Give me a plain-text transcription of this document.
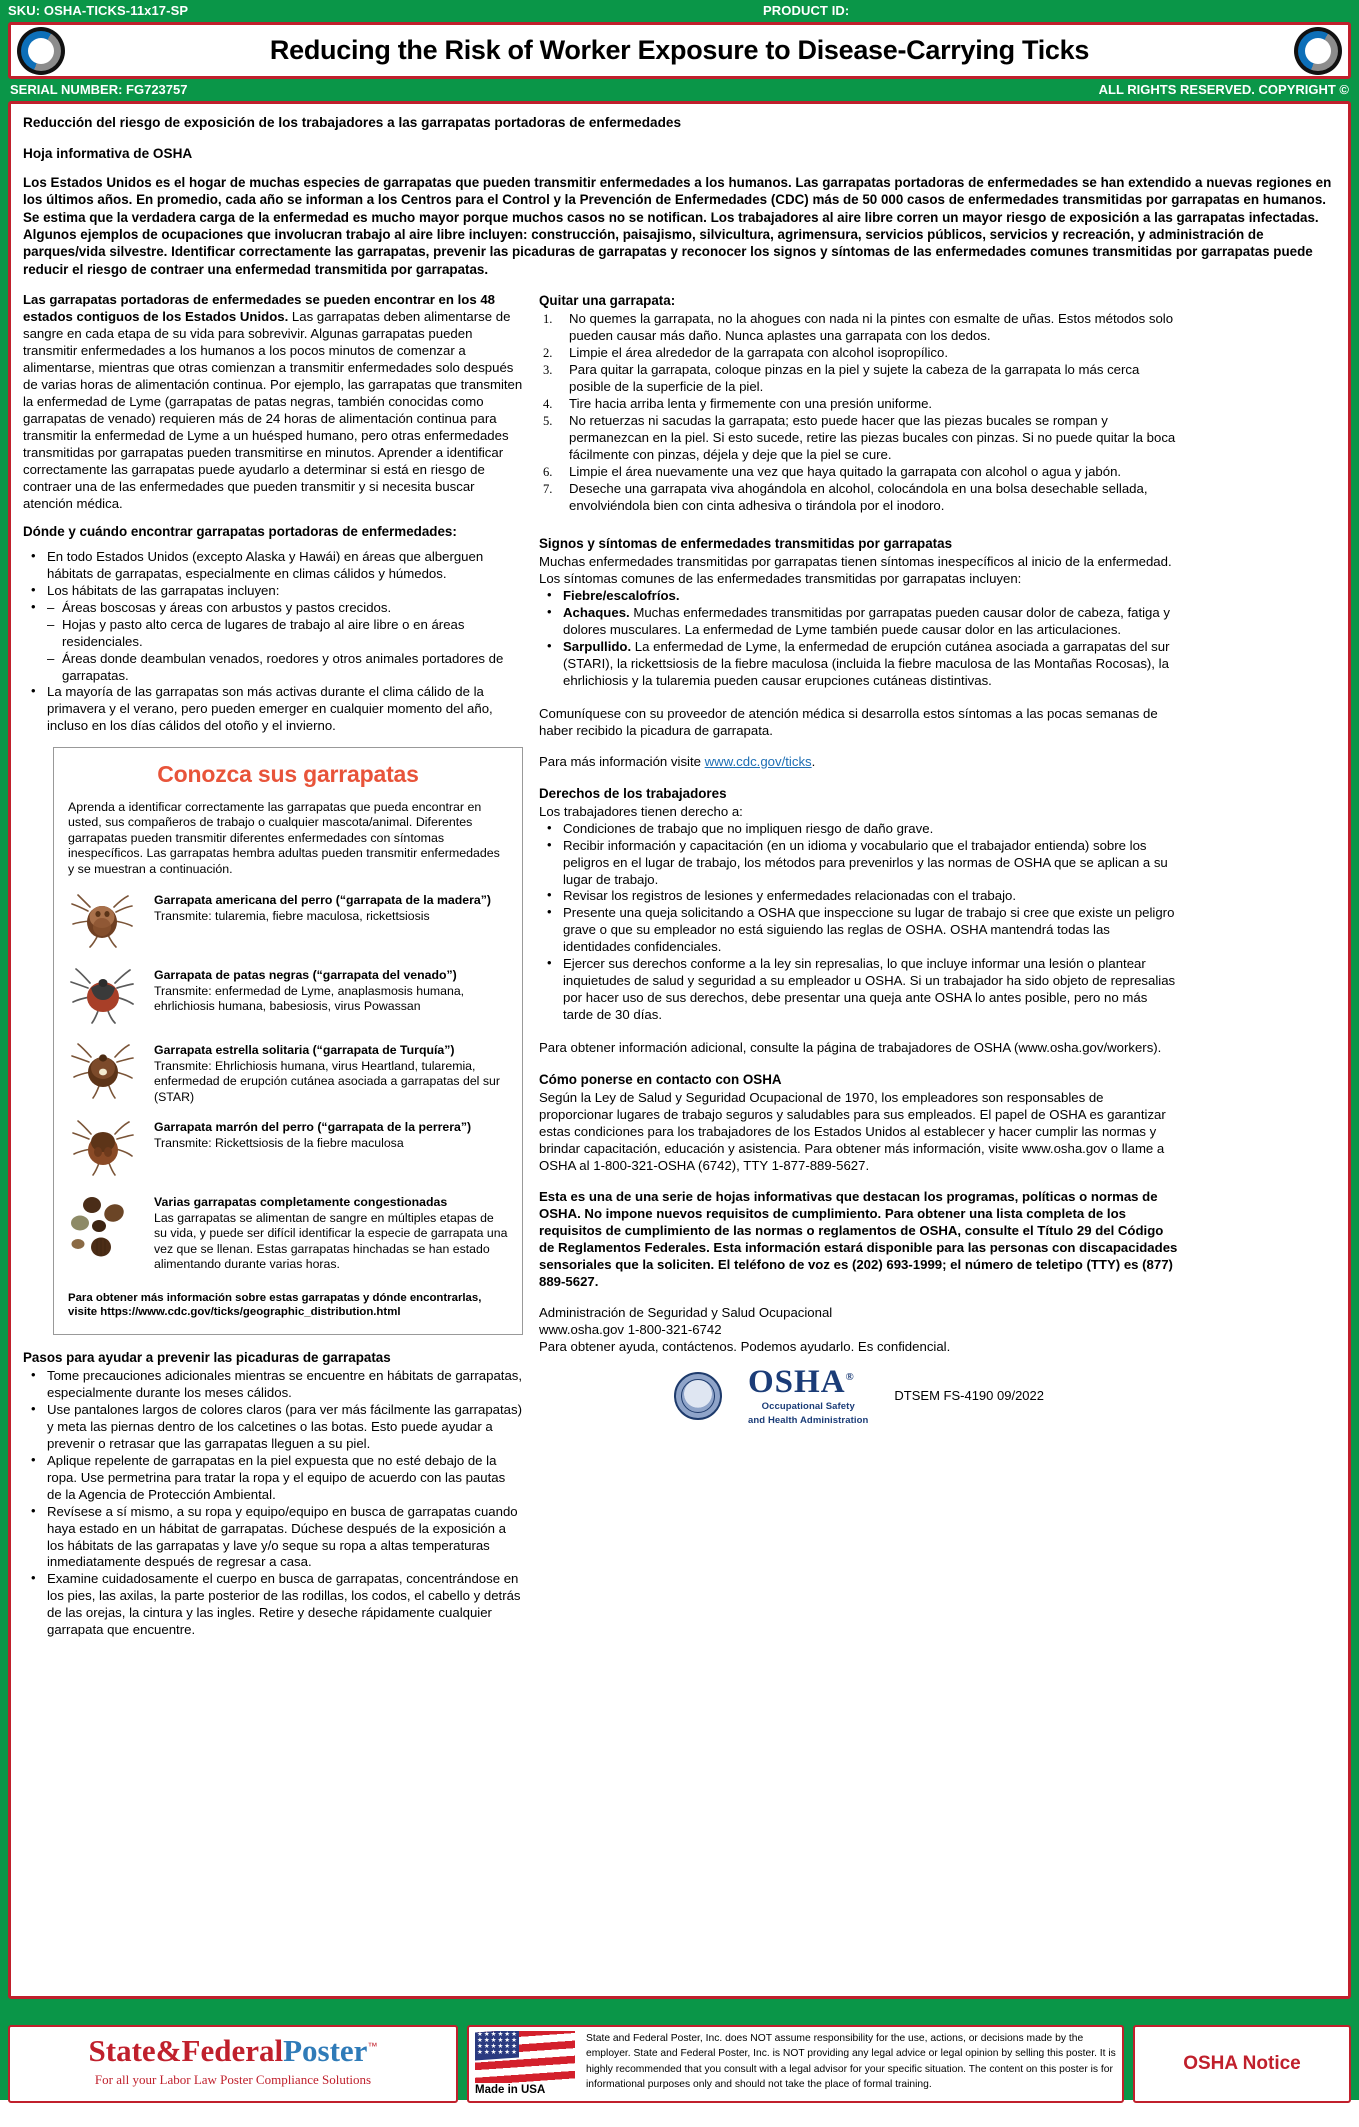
SKU: OSHA-TICKS-11x17-SP	PRODUCT ID:
Reducing the Risk of Worker Exposure to Disease-Carrying Ticks
SERIAL NUMBER: FG723757	ALL RIGHTS RESERVED. COPYRIGHT ©
Reducción del riesgo de exposición de los trabajadores a las garrapatas portadoras de enfermedades
Hoja informativa de OSHA
Los Estados Unidos es el hogar de muchas especies de garrapatas que pueden transmitir enfermedades a los humanos. Las garrapatas portadoras de enfermedades se han extendido a nuevas regiones en los últimos años. En promedio, cada año se informan a los Centros para el Control y la Prevención de Enfermedades (CDC) más de 50 000 casos de enfermedades transmitidas por garrapatas en humanos. Se estima que la verdadera carga de la enfermedad es mucho mayor porque muchos casos no se notifican. Los trabajadores al aire libre corren un mayor riesgo de exposición a las garrapatas infectadas. Algunos ejemplos de ocupaciones que involucran trabajo al aire libre incluyen: construcción, paisajismo, silvicultura, agrimensura, servicios públicos, servicios y recreación, y administración de parques/vida silvestre. Identificar correctamente las garrapatas, prevenir las picaduras de garrapatas y reconocer los signos y síntomas de las enfermedades comunes transmitidas por garrapatas puede reducir el riesgo de contraer una enfermedad transmitida por garrapatas.

Las garrapatas portadoras de enfermedades se pueden encontrar en los 48 estados contiguos de los Estados Unidos. Las garrapatas deben alimentarse de sangre en cada etapa de su vida para sobrevivir. Algunas garrapatas pueden transmitir enfermedades a los humanos a los pocos minutos de comenzar a alimentarse, mientras que otras comienzan a transmitir enfermedades solo después de varias horas de alimentación continua. Por ejemplo, las garrapatas que transmiten la enfermedad de Lyme (garrapatas de patas negras, también conocidas como garrapatas de venado) requieren más de 24 horas de alimentación continua para transmitir la enfermedad de Lyme a un huésped humano, pero otras enfermedades transmitidas por garrapatas pueden transmitirse en minutos. Aprender a identificar correctamente las garrapatas puede ayudarlo a determinar si está en riesgo de contraer una de las enfermedades que pueden transmitir y si necesita buscar atención médica.

Dónde y cuándo encontrar garrapatas portadoras de enfermedades:
• En todo Estados Unidos (excepto Alaska y Hawái) en áreas que alberguen hábitats de garrapatas, especialmente en climas cálidos y húmedos.
• Los hábitats de las garrapatas incluyen:
– • Áreas boscosas y áreas con arbustos y pastos crecidos.
– Hojas y pasto alto cerca de lugares de trabajo al aire libre o en áreas residenciales.
– Áreas donde deambulan venados, roedores y otros animales portadores de garrapatas.
• La mayoría de las garrapatas son más activas durante el clima cálido de la primavera y el verano, pero pueden emerger en cualquier momento del año, incluso en los días cálidos del otoño y el invierno.
Conozca sus garrapatas
Aprenda a identificar correctamente las garrapatas que pueda encontrar en usted, sus compañeros de trabajo o cualquier mascota/animal. Diferentes garrapatas pueden transmitir diferentes enfermedades con síntomas inespecíficos. Las garrapatas hembra adultas pueden transmitir enfermedades y se muestran a continuación.
Garrapata americana del perro (“garrapata de la madera”)
Transmite: tularemia, fiebre maculosa, rickettsiosis
Garrapata de patas negras (“garrapata del venado”)
Transmite: enfermedad de Lyme, anaplasmosis humana, ehrlichiosis humana, babesiosis, virus Powassan
Garrapata estrella solitaria (“garrapata de Turquía”)
Transmite: Ehrlichiosis humana, virus Heartland, tularemia, enfermedad de erupción cutánea asociada a garrapatas del sur (STAR)
Garrapata marrón del perro (“garrapata de la perrera”)
Transmite: Rickettsiosis de la fiebre maculosa
Varias garrapatas completamente congestionadas
Las garrapatas se alimentan de sangre en múltiples etapas de su vida, y puede ser difícil identificar la especie de garrapata una vez que se llenan. Estas garrapatas hinchadas se han estado alimentando durante varias horas.
Para obtener más información sobre estas garrapatas y dónde encontrarlas, visite https://www.cdc.gov/ticks/geographic_distribution.html
Pasos para ayudar a prevenir las picaduras de garrapatas
• Tome precauciones adicionales mientras se encuentre en hábitats de garrapatas, especialmente durante los meses cálidos.
• Use pantalones largos de colores claros (para ver más fácilmente las garrapatas) y meta las piernas dentro de los calcetines o las botas. Esto puede ayudar a prevenir o retrasar que las garrapatas lleguen a su piel.
• Aplique repelente de garrapatas en la piel expuesta que no esté debajo de la ropa. Use permetrina para tratar la ropa y el equipo de acuerdo con las pautas de la Agencia de Protección Ambiental.
• Revísese a sí mismo, a su ropa y equipo/equipo en busca de garrapatas cuando haya estado en un hábitat de garrapatas. Dúchese después de la exposición a los hábitats de las garrapatas y lave y/o seque su ropa a altas temperaturas inmediatamente después de regresar a casa.
• Examine cuidadosamente el cuerpo en busca de garrapatas, concentrándose en los pies, las axilas, la parte posterior de las rodillas, los codos, el cabello y detrás de las orejas, la cintura y las ingles. Retire y deseche rápidamente cualquier garrapata que encuentre.
Quitar una garrapata:
No quemes la garrapata, no la ahogues con nada ni la pintes con esmalte de uñas. Estos métodos solo pueden causar más daño. Nunca aplastes una garrapata con los dedos.
Limpie el área alrededor de la garrapata con alcohol isopropílico.
Para quitar la garrapata, coloque pinzas en la piel y sujete la cabeza de la garrapata lo más cerca posible de la superficie de la piel.
Tire hacia arriba lenta y firmemente con una presión uniforme.
No retuerzas ni sacudas la garrapata; esto puede hacer que las piezas bucales se rompan y permanezcan en la piel. Si esto sucede, retire las piezas bucales con pinzas. Si no puede quitar la boca fácilmente con pinzas, déjela y deje que la piel se cure.
Limpie el área nuevamente una vez que haya quitado la garrapata con alcohol o agua y jabón.
Deseche una garrapata viva ahogándola en alcohol, colocándola en una bolsa desechable sellada, envolviéndola bien con cinta adhesiva o tirándola por el inodoro.
Signos y síntomas de enfermedades transmitidas por garrapatas

Muchas enfermedades transmitidas por garrapatas tienen síntomas inespecíficos al inicio de la enfermedad. Los síntomas comunes de las enfermedades transmitidas por garrapatas incluyen:

• Fiebre/escalofríos.
• Achaques. Muchas enfermedades transmitidas por garrapatas pueden causar dolor de cabeza, fatiga y dolores musculares. La enfermedad de Lyme también puede causar dolor en las articulaciones.
• Sarpullido. La enfermedad de Lyme, la enfermedad de erupción cutánea asociada a garrapatas del sur (STARI), la rickettsiosis de la fiebre maculosa (incluida la fiebre maculosa de las Montañas Rocosas), la ehrlichiosis y la tularemia pueden causar erupciones cutáneas distintivas.

Comuníquese con su proveedor de atención médica si desarrolla estos síntomas a las pocas semanas de haber recibido la picadura de garrapata.

Para más información visite www.cdc.gov/ticks.

Derechos de los trabajadores

Los trabajadores tienen derecho a:

• Condiciones de trabajo que no impliquen riesgo de daño grave.
• Recibir información y capacitación (en un idioma y vocabulario que el trabajador entienda) sobre los peligros en el lugar de trabajo, los métodos para prevenirlos y las normas de OSHA que se aplican a su lugar de trabajo.
• Revisar los registros de lesiones y enfermedades relacionadas con el trabajo.
• Presente una queja solicitando a OSHA que inspeccione su lugar de trabajo si cree que existe un peligro grave o que su empleador no está siguiendo las reglas de OSHA. OSHA mantendrá todas las identidades confidenciales.
• Ejercer sus derechos conforme a la ley sin represalias, lo que incluye informar una lesión o plantear inquietudes de salud y seguridad a su empleador u OSHA. Si un trabajador ha sido objeto de represalias por hacer uso de sus derechos, debe presentar una queja ante OSHA lo antes posible, pero no más tarde de 30 días.

Para obtener información adicional, consulte la página de trabajadores de OSHA (www.osha.gov/workers).

Cómo ponerse en contacto con OSHA

Según la Ley de Salud y Seguridad Ocupacional de 1970, los empleadores son responsables de proporcionar lugares de trabajo seguros y saludables para sus empleados. El papel de OSHA es garantizar estas condiciones para los trabajadores de los Estados Unidos al establecer y hacer cumplir las normas y brindar capacitación, educación y asistencia. Para obtener más información, visite www.osha.gov o llame a OSHA al 1-800-321-OSHA (6742), TTY 1-877-889-5627.

Esta es una de una serie de hojas informativas que destacan los programas, políticas o normas de OSHA. No impone nuevos requisitos de cumplimiento. Para obtener una lista completa de los requisitos de cumplimiento de las normas o reglamentos de OSHA, consulte el Título 29 del Código de Reglamentos Federales. Esta información estará disponible para las personas con discapacidades sensoriales que la soliciten. El teléfono de voz es (202) 693-1999; el número de teletipo (TTY) es (877) 889-5627.

Administración de Seguridad y Salud Ocupacional

www.osha.gov 1-800-321-6742

Para obtener ayuda, contáctenos. Podemos ayudarlo. Es confidencial.

OSHA®
Occupational Safety
and Health Administration
DTSEM FS-4190 09/2022
State&FederalPoster™
For all your Labor Law Poster Compliance Solutions
★★★★★★
★★★★★★
★★★★★★
★★★★★★
Made in USA
State and Federal Poster, Inc. does NOT assume responsibility for the use, actions, or decisions made by the employer. State and Federal Poster, Inc. is NOT providing any legal advice or legal opinion by selling this poster. It is highly recommended that you consult with a legal advisor for your specific situation. The content on this poster is for informational purposes only and should not take the place of formal training.
OSHA Notice
To Reorder, Call 1-888-488-7678 or order at StateandFederalPoster.com	ALL RIGHTS RESERVED. COPYRIGHT ©
